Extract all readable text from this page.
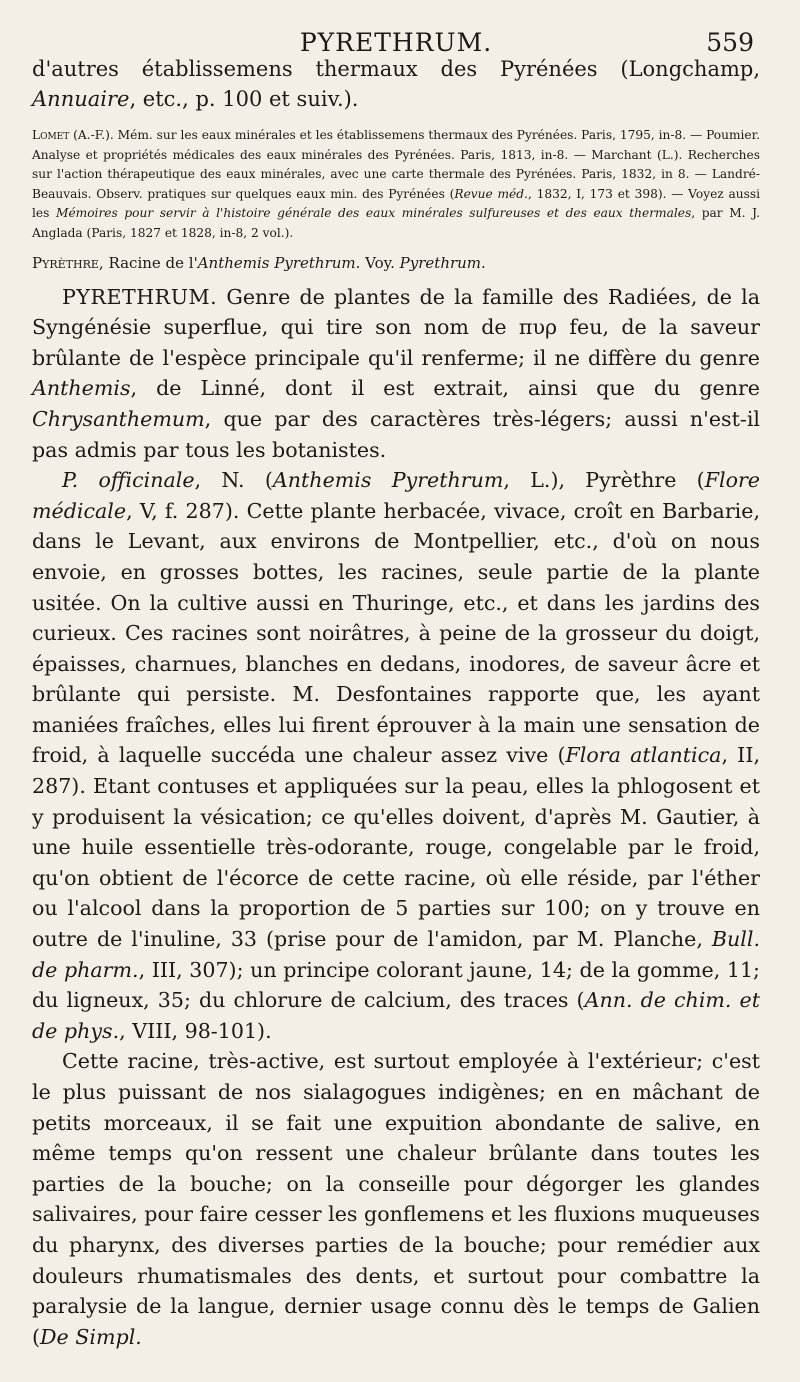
PYRETHRUM.	559

d'autres établissemens thermaux des Pyrénées (Longchamp, Annuaire, etc., p. 100 et suiv.).

Lomet (A.-F.). Mém. sur les eaux minérales et les établissemens thermaux des Pyrénées. Paris, 1795, in-8. — Poumier. Analyse et propriétés médicales des eaux minérales des Pyrénées. Paris, 1813, in-8. — Marchant (L.). Recherches sur l'action thérapeutique des eaux minérales, avec une carte thermale des Pyrénées. Paris, 1832, in 8. — Landré-Beauvais. Observ. pratiques sur quelques eaux min. des Pyrénées (Revue méd., 1832, I, 173 et 398). — Voyez aussi les Mémoires pour servir à l'histoire générale des eaux minérales sulfureuses et des eaux thermales, par M. J. Anglada (Paris, 1827 et 1828, in-8, 2 vol.).

Pyrèthre, Racine de l'Anthemis Pyrethrum. Voy. Pyrethrum.

PYRETHRUM. Genre de plantes de la famille des Radiées, de la Syngénésie superflue, qui tire son nom de πυρ feu, de la saveur brûlante de l'espèce principale qu'il renferme; il ne diffère du genre Anthemis, de Linné, dont il est extrait, ainsi que du genre Chrysanthemum, que par des caractères très-légers; aussi n'est-il pas admis par tous les botanistes.

P. officinale, N. (Anthemis Pyrethrum, L.), Pyrèthre (Flore médicale, V, f. 287). Cette plante herbacée, vivace, croît en Barbarie, dans le Levant, aux environs de Montpellier, etc., d'où on nous envoie, en grosses bottes, les racines, seule partie de la plante usitée. On la cultive aussi en Thuringe, etc., et dans les jardins des curieux. Ces racines sont noirâtres, à peine de la grosseur du doigt, épaisses, charnues, blanches en dedans, inodores, de saveur âcre et brûlante qui persiste. M. Desfontaines rapporte que, les ayant maniées fraîches, elles lui firent éprouver à la main une sensation de froid, à laquelle succéda une chaleur assez vive (Flora atlantica, II, 287). Etant contuses et appliquées sur la peau, elles la phlogosent et y produisent la vésication; ce qu'elles doivent, d'après M. Gautier, à une huile essentielle très-odorante, rouge, congelable par le froid, qu'on obtient de l'écorce de cette racine, où elle réside, par l'éther ou l'alcool dans la proportion de 5 parties sur 100; on y trouve en outre de l'inuline, 33 (prise pour de l'amidon, par M. Planche, Bull. de pharm., III, 307); un principe colorant jaune, 14; de la gomme, 11; du ligneux, 35; du chlorure de calcium, des traces (Ann. de chim. et de phys., VIII, 98-101).

Cette racine, très-active, est surtout employée à l'extérieur; c'est le plus puissant de nos sialagogues indigènes; en en mâchant de petits morceaux, il se fait une expuition abondante de salive, en même temps qu'on ressent une chaleur brûlante dans toutes les parties de la bouche; on la conseille pour dégorger les glandes salivaires, pour faire cesser les gonflemens et les fluxions muqueuses du pharynx, des diverses parties de la bouche; pour remédier aux douleurs rhumatismales des dents, et surtout pour combattre la paralysie de la langue, dernier usage connu dès le temps de Galien (De Simpl.
